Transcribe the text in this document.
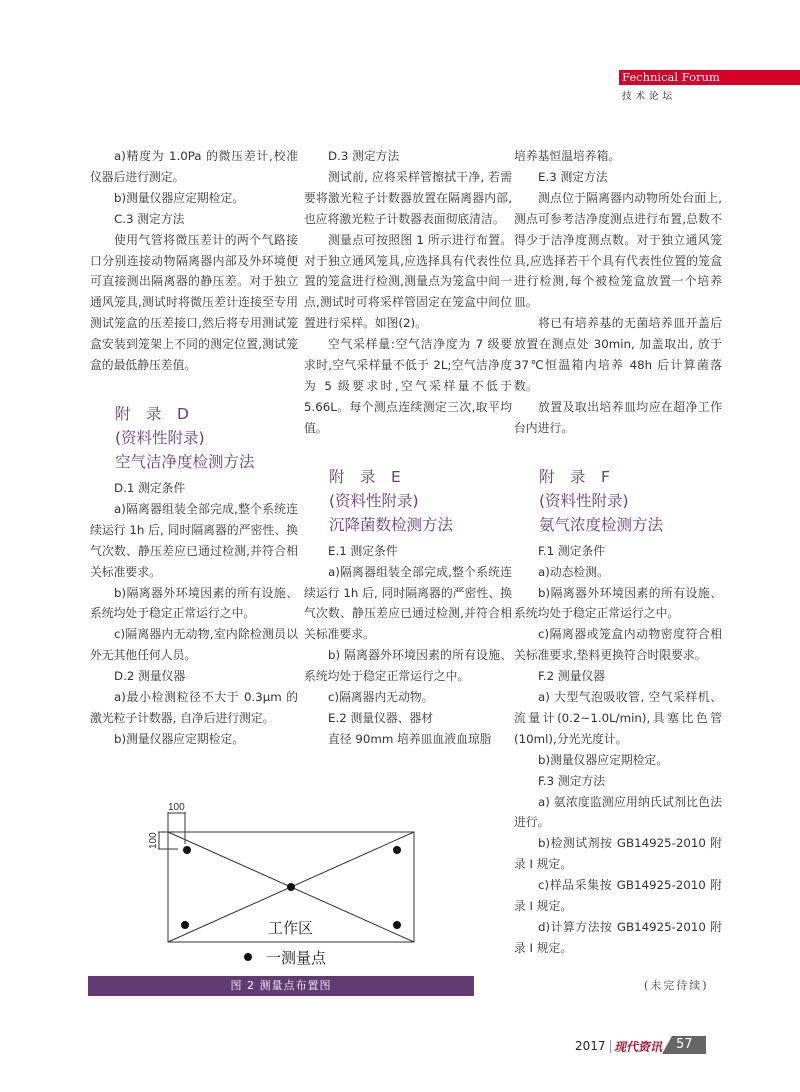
Fechnical Forum
技术论坛

a)精度为 1.0Pa 的微压差计,校准仪器后进行测定。

b)测量仪器应定期检定。

C.3 测定方法

使用气管将微压差计的两个气路接口分别连接动物隔离器内部及外环境便可直接测出隔离器的静压差。对于独立通风笼具,测试时将微压差计连接至专用测试笼盒的压差接口,然后将专用测试笼盒安装到笼架上不同的测定位置,测试笼盒的最低静压差值。

附　录　D
(资料性附录)
空气洁净度检测方法

D.1 测定条件

a)隔离器组装全部完成,整个系统连续运行 1h 后, 同时隔离器的严密性、换气次数、静压差应已通过检测,并符合相关标准要求。

b)隔离器外环境因素的所有设施、系统均处于稳定正常运行之中。

c)隔离器内无动物,室内除检测员以外无其他任何人员。

D.2 测量仪器

a)最小检测粒径不大于 0.3μm 的激光粒子计数器, 自净后进行测定。

b)测量仪器应定期检定。

D.3 测定方法

测试前, 应将采样管擦拭干净, 若需要将激光粒子计数器放置在隔离器内部,也应将激光粒子计数器表面彻底清洁。

测量点可按照图 1 所示进行布置。对于独立通风笼具,应选择具有代表性位置的笼盒进行检测,测量点为笼盒中间一点,测试时可将采样管固定在笼盒中间位置进行采样。如图(2)。

空气采样量:空气洁净度为 7 级要求时,空气采样量不低于 2L;空气洁净度为 5 级要求时,空气采样量不低于 5.66L。每个测点连续测定三次,取平均值。

附　录　E
(资料性附录)
沉降菌数检测方法

E.1 测定条件

a)隔离器组装全部完成,整个系统连续运行 1h 后, 同时隔离器的严密性、换气次数、静压差应已通过检测,并符合相关标准要求。

b) 隔离器外环境因素的所有设施、系统均处于稳定正常运行之中。

c)隔离器内无动物。

E.2 测量仪器、器材

直径 90mm 培养皿血液血琼脂

培养基恒温培养箱。

E.3 测定方法

测点位于隔离器内动物所处台面上,测点可参考洁净度测点进行布置,总数不得少于洁净度测点数。对于独立通风笼具,应选择若干个具有代表性位置的笼盒进行检测,每个被检笼盒放置一个培养皿。

将已有培养基的无菌培养皿开盖后放置在测点处 30min, 加盖取出, 放于 37℃恒温箱内培养 48h 后计算菌落数。

放置及取出培养皿均应在超净工作台内进行。

附　录　F
(资料性附录)
氨气浓度检测方法

F.1 测定条件

a)动态检测。

b)隔离器外环境因素的所有设施、系统均处于稳定正常运行之中。

c)隔离器或笼盒内动物密度符合相关标准要求,垫料更换符合时限要求。

F.2 测量仪器

a) 大型气泡吸收管, 空气采样机、流量计(0.2~1.0L/min),具塞比色管(10ml),分光光度计。

b)测量仪器应定期检定。

F.3 测定方法

a) 氨浓度监测应用纳氏试剂比色法进行。

b)检测试剂按 GB14925-2010 附录 I 规定。

c)样品采集按 GB14925-2010 附录 I 规定。

d)计算方法按 GB14925-2010 附录 I 规定。

100
100
工作区
一测量点
图 2 测量点布置图	(未完待续)
2017 现代资讯 57
